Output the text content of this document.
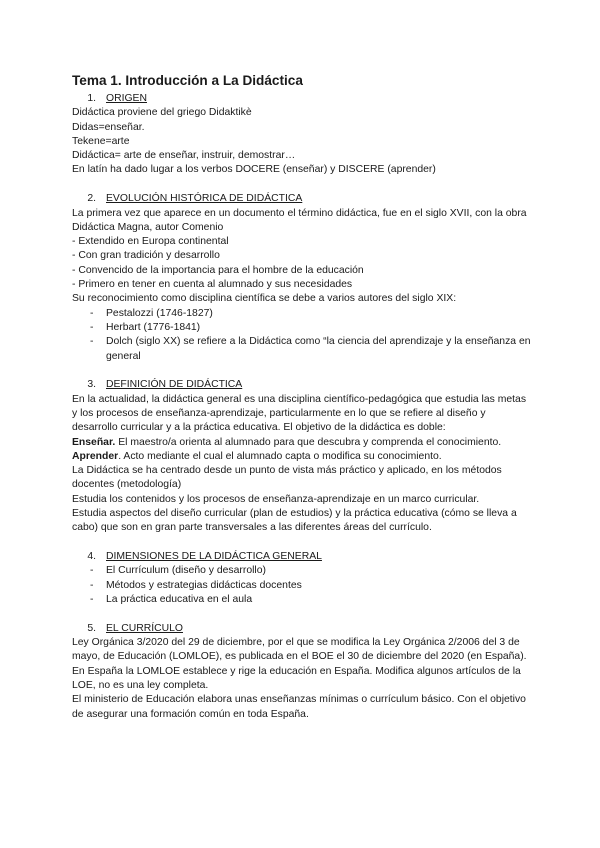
Tema 1. Introducción a La Didáctica
1. ORIGEN

Didáctica proviene del griego Didaktikè

Didas=enseñar.

Tekene=arte

Didáctica= arte de enseñar, instruir, demostrar…

En latín ha dado lugar a los verbos DOCERE (enseñar) y DISCERE (aprender)

2. EVOLUCIÓN HISTÓRICA DE DIDÁCTICA

La primera vez que aparece en un documento el término didáctica, fue en el siglo XVII, con la obra

Didáctica Magna, autor Comenio

- Extendido en Europa continental

- Con gran tradición y desarrollo

- Convencido de la importancia para el hombre de la educación

- Primero en tener en cuenta al alumnado y sus necesidades

Su reconocimiento como disciplina científica se debe a varios autores del siglo XIX:

-	Pestalozzi (1746-1827)
-	Herbart (1776-1841)
-	Dolch (siglo XX) se refiere a la Didáctica como “la ciencia del aprendizaje y la enseñanza en general
3. DEFINICIÓN DE DIDÁCTICA

En la actualidad, la didáctica general es una disciplina científico-pedagógica que estudia las metas y los procesos de enseñanza-aprendizaje, particularmente en lo que se refiere al diseño y desarrollo curricular y a la práctica educativa. El objetivo de la didáctica es doble:

Enseñar. El maestro/a orienta al alumnado para que descubra y comprenda el conocimiento.

Aprender. Acto mediante el cual el alumnado capta o modifica su conocimiento.

La Didáctica se ha centrado desde un punto de vista más práctico y aplicado, en los métodos docentes (metodología)

Estudia los contenidos y los procesos de enseñanza-aprendizaje en un marco curricular.

Estudia aspectos del diseño curricular (plan de estudios) y la práctica educativa (cómo se lleva a cabo) que son en gran parte transversales a las diferentes áreas del currículo.

4. DIMENSIONES DE LA DIDÁCTICA GENERAL
-	El Currículum (diseño y desarrollo)
-	Métodos y estrategias didácticas docentes
-	La práctica educativa en el aula
5. EL CURRÍCULO

Ley Orgánica 3/2020 del 29 de diciembre, por el que se modifica la Ley Orgánica 2/2006 del 3 de mayo, de Educación (LOMLOE), es publicada en el BOE el 30 de diciembre del 2020 (en España). En España la LOMLOE establece y rige la educación en España. Modifica algunos artículos de la LOE, no es una ley completa.

El ministerio de Educación elabora unas enseñanzas mínimas o currículum básico. Con el objetivo de asegurar una formación común en toda España.
